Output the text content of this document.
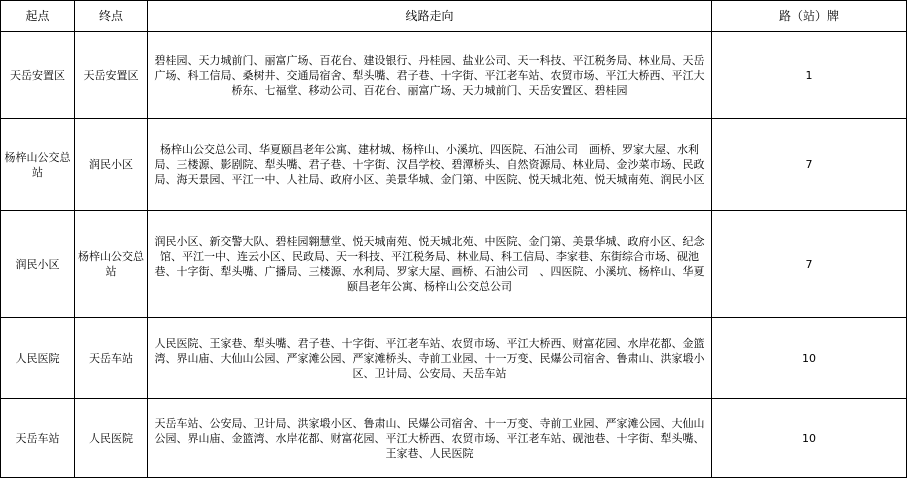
起点	终点	线路走向	路（站）牌
天岳安置区	天岳安置区	碧桂园、天力城前门、丽富广场、百花台、建设银行、丹桂园、盐业公司、天一科技、平江税务局、林业局、天岳广场、科工信局、桑树井、交通局宿舍、犁头嘴、君子巷、十字街、平江老车站、农贸市场、平江大桥西、平江大桥东、七福堂、移动公司、百花台、丽富广场、天力城前门、天岳安置区、碧桂园	1
杨梓山公交总站	润民小区	杨梓山公交总公司、华夏颐昌老年公寓、建材城、杨梓山、小溪坑、四医院、石油公司　画桥、罗家大屋、水利局、三楼源、影剧院、犁头嘴、君子巷、十字街、汉昌学校、碧潭桥头、自然资源局、林业局、金沙菜市场、民政局、海天景园、平江一中、人社局、政府小区、美景华城、金门第、中医院、悦天城北苑、悦天城南苑、润民小区	7
润民小区	杨梓山公交总站	润民小区、新交警大队、碧桂园翱慧堂、悦天城南苑、悦天城北苑、中医院、金门第、美景华城、政府小区、纪念馆、平江一中、连云小区、民政局、天一科技、平江税务局、林业局、科工信局、李家巷、东街综合市场、砚池巷、十字街、犁头嘴、广播局、三楼源、水利局、罗家大屋、画桥、石油公司　、四医院、小溪坑、杨梓山、华夏颐昌老年公寓、杨梓山公交总公司	7
人民医院	天岳车站	人民医院、王家巷、犁头嘴、君子巷、十字街、平江老车站、农贸市场、平江大桥西、财富花园、水岸花都、金篮湾、界山庙、大仙山公园、严家滩公园、严家滩桥头、寺前工业园、十一万变、民爆公司宿舍、鲁肃山、洪家塅小区、卫计局、公安局、天岳车站	10
天岳车站	人民医院	天岳车站、公安局、卫计局、洪家塅小区、鲁肃山、民爆公司宿舍、十一万变、寺前工业园、严家滩公园、大仙山公园、界山庙、金篮湾、水岸花都、财富花园、平江大桥西、农贸市场、平江老车站、砚池巷、十字街、犁头嘴、王家巷、人民医院	10
